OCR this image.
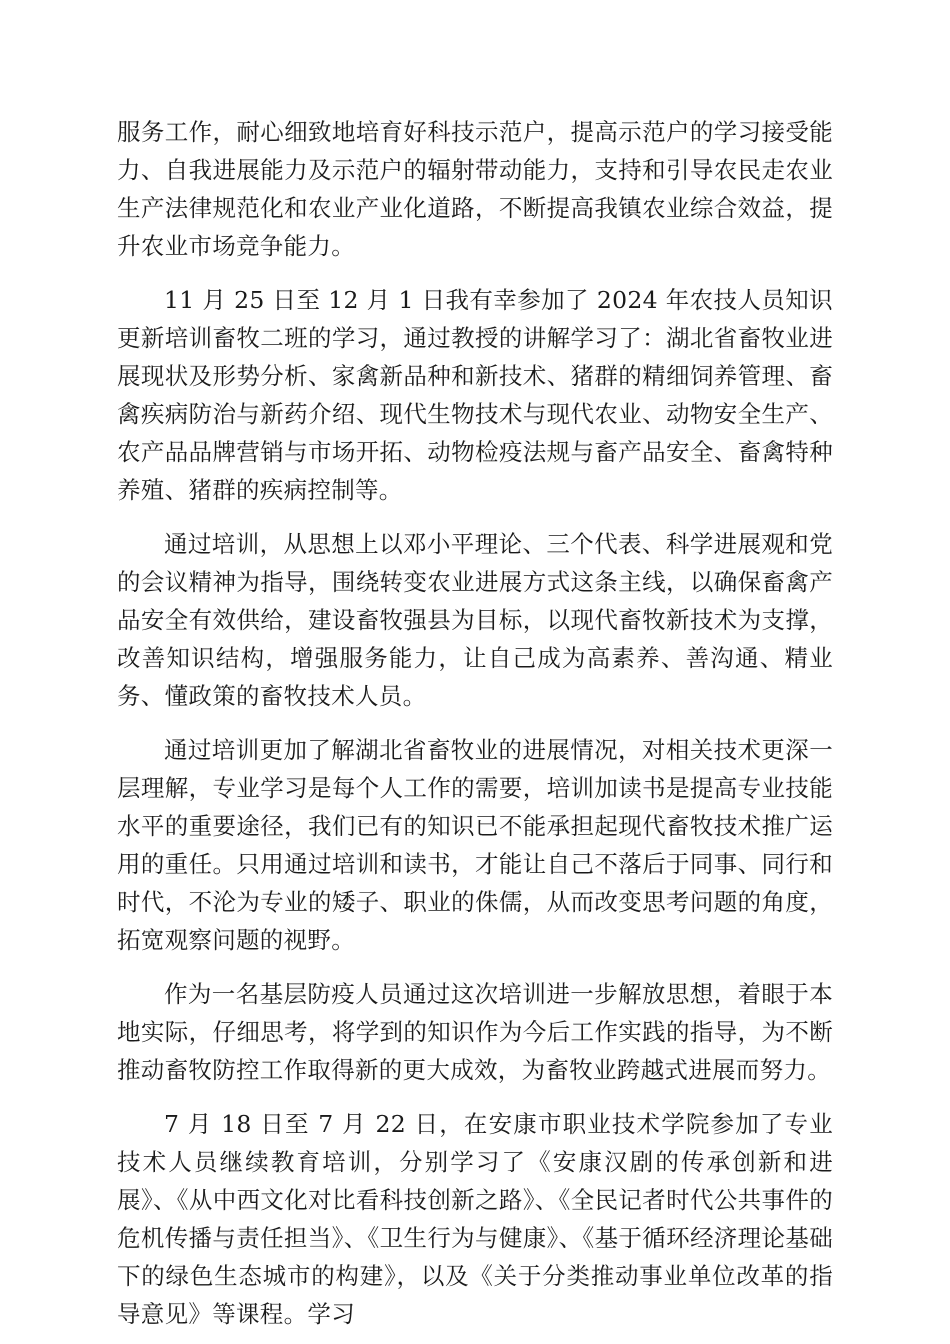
服务工作，耐心细致地培育好科技示范户，提高示范户的学习接受能力、自我进展能力及示范户的辐射带动能力，支持和引导农民走农业生产法律规范化和农业产业化道路，不断提高我镇农业综合效益，提升农业市场竞争能力。

11 月 25 日至 12 月 1 日我有幸参加了 2024 年农技人员知识更新培训畜牧二班的学习，通过教授的讲解学习了：湖北省畜牧业进展现状及形势分析、家禽新品种和新技术、猪群的精细饲养管理、畜禽疾病防治与新药介绍、现代生物技术与现代农业、动物安全生产、农产品品牌营销与市场开拓、动物检疫法规与畜产品安全、畜禽特种养殖、猪群的疾病控制等。

通过培训，从思想上以邓小平理论、三个代表、科学进展观和党的会议精神为指导，围绕转变农业进展方式这条主线，以确保畜禽产品安全有效供给，建设畜牧强县为目标，以现代畜牧新技术为支撑，改善知识结构，增强服务能力，让自己成为高素养、善沟通、精业务、懂政策的畜牧技术人员。

通过培训更加了解湖北省畜牧业的进展情况，对相关技术更深一层理解，专业学习是每个人工作的需要，培训加读书是提高专业技能水平的重要途径，我们已有的知识已不能承担起现代畜牧技术推广运用的重任。只用通过培训和读书，才能让自己不落后于同事、同行和时代，不沦为专业的矮子、职业的侏儒，从而改变思考问题的角度，拓宽观察问题的视野。

作为一名基层防疫人员通过这次培训进一步解放思想，着眼于本地实际，仔细思考，将学到的知识作为今后工作实践的指导，为不断推动畜牧防控工作取得新的更大成效，为畜牧业跨越式进展而努力。

7 月 18 日至 7 月 22 日，在安康市职业技术学院参加了专业技术人员继续教育培训，分别学习了《安康汉剧的传承创新和进展》、《从中西文化对比看科技创新之路》、《全民记者时代公共事件的危机传播与责任担当》、《卫生行为与健康》、《基于循环经济理论基础下的绿色生态城市的构建》，以及《关于分类推动事业单位改革的指导意见》等课程。学习
